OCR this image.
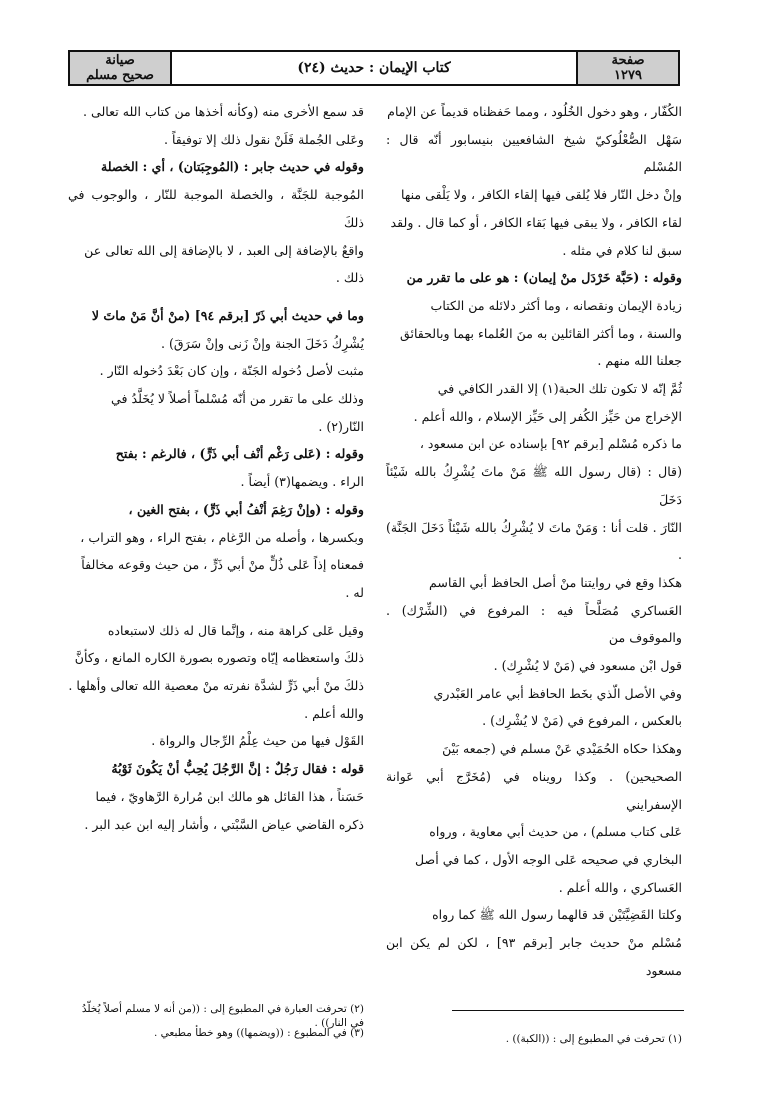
صيانة
صحيح مسلم	كتاب الإيمان : حديث (٢٤)	صفحة
١٢٧٩

الكُفّار ، وهو دخول الخُلُود ، ومما حَفظناه قديماً عن الإمام

سَهْل الصُّعْلُوكيّ شيخ الشافعيين بنيسابور أنّه قال : المُسْلم

وإنْ دخل النّار فلا يُلقى فيها إلقاء الكافر ، ولا يَلْقى منها

لقاء الكافر ، ولا يبقى فيها بَقاء الكافر ، أو كما قال . ولقد

سبق لنا كلام في مثله .

وقوله : (حَبَّة خَرْدَل منْ إيمان) : هو على ما تقرر من

زيادة الإيمان ونقصانه ، وما أكثر دلائله من الكتاب

والسنة ، وما أكثر القائلين به منَ العُلماء بهما وبالحقائق

جعلنا الله منهم .

ثُمَّ إنّه لا تكون تلك الحبة(١) إلا القدر الكافي في

الإخراج من حَيِّز الكُفر إلى حَيِّز الإسلام ، والله أعلم .

ما ذكره مُسْلم [برقم ٩٢] بإسناده عن ابن مسعود ،

(قال : (قال رسول الله ﷺ مَنْ ماتَ يُشْرِكُ بالله شَيْئاً دَخَلَ

النّارَ . قلت أنا : وَمَنْ ماتَ لا يُشْرِكُ بالله شَيْئاً دَخَلَ الجَنَّة) .

هكذا وقع في روايتنا منْ أصل الحافظ أبي القاسم

العَساكري مُصَلَّحاً فيه : المرفوع في (الشِّرْك) . والموقوف من

قول ابْن مسعود في (مَنْ لا يُشْرِك) .

وفي الأصل الّذي بخَط الحافظ أبي عامر العَبْدري

بالعكس ، المرفوع في (مَنْ لا يُشْرِك) .

وهكذا حكاه الحُمَيْدي عَنْ مسلم في (جمعه بَيْنَ

الصحيحين) . وكذا رويناه في (مُخَرَّج أبي عَوانة الإسفرايني

عَلى كتاب مسلم) ، من حديث أبي معاوية ، ورواه

البخاري في صحيحه عَلى الوجه الأول ، كما في أصل

العَساكري ، والله أعلم .

وكلتا القَضِيَّتَيْن قد قالهما رسول الله ﷺ كما رواه

مُسْلم منْ حديث جابر [برقم ٩٣] ، لكن لم يكن ابن مسعود

قد سمع الأخرى منه (وكأنه أخذها من كتاب الله تعالى .

وعَلى الجُملة فَلَنْ نقول ذلك إلا توفيقاً .

وقوله في حديث جابر : (المُوجِبَتان) ، أي : الخصلة

المُوجبة للجَنَّة ، والخصلة الموجبة للنّار ، والوجوب في ذلكَ

واقعٌ بالإضافة إلى العبد ، لا بالإضافة إلى الله تعالى عن

ذلك .

وما في حديث أبي ذَرّ [برقم ٩٤] (منْ أنَّ مَنْ ماتَ لا

يُشْرِكُ دَخَلَ الجنة وإنْ زَنى وإنْ سَرَقَ) .

مثبت لأصل دُخوله الجَنّة ، وإن كان بَعْدَ دُخوله النّار .

وذلك على ما تقرر من أنّه مُسْلماً أصلاً لا يُخَلَّدُ في

النّار(٢) .

وقوله : (عَلى رَغْم أنْف أبي ذَرٍّ) ، فالرغم : بفتح

الراء . ويضمها(٣) أيضاً .

وقوله : (وإنْ رَغِمَ أنْفُ أبي ذَرٍّ) ، بفتح الغين ،

وبكسرها ، وأصله من الرَّغام ، بفتح الراء ، وهو التراب ،

فمعناه إذاً عَلى ذُلٍّ منْ أبي ذَرٍّ ، من حيث وقوعه مخالفاً

له .

وقيل عَلى كراهة منه ، وإنَّما قال له ذلك لاستبعاده

ذلكَ واستعظامه إيّاه وتصوره بصورة الكاره المانع ، وكأنَّ

ذلكَ منْ أبي ذَرٍّ لشدَّة نفرته منْ معصية الله تعالى وأهلها .

والله أعلم .

القَوْل فيها من حيث عِلْمُ الرِّجال والرواة .

قوله : فقال رَجُلٌ : إنَّ الرَّجُلَ يُحِبُّ أنْ يَكُونَ ثَوْبُهُ

حَسَناً ، هذا القائل هو مالك ابن مُرارة الرَّهاويّ ، فيما

ذكره القاضي عياض السَّبْتي ، وأشار إليه ابن عبد البر .

(١) تحرفت في المطبوع إلى : ((الكبة)) .
(٢) تحرفت العبارة في المطبوع إلى : ((من أنه لا مسلم أصلاً يُخلّدُ في النار)) .
(٣) في المطبوع : ((ويضمها)) وهو خطأ مطبعي .
